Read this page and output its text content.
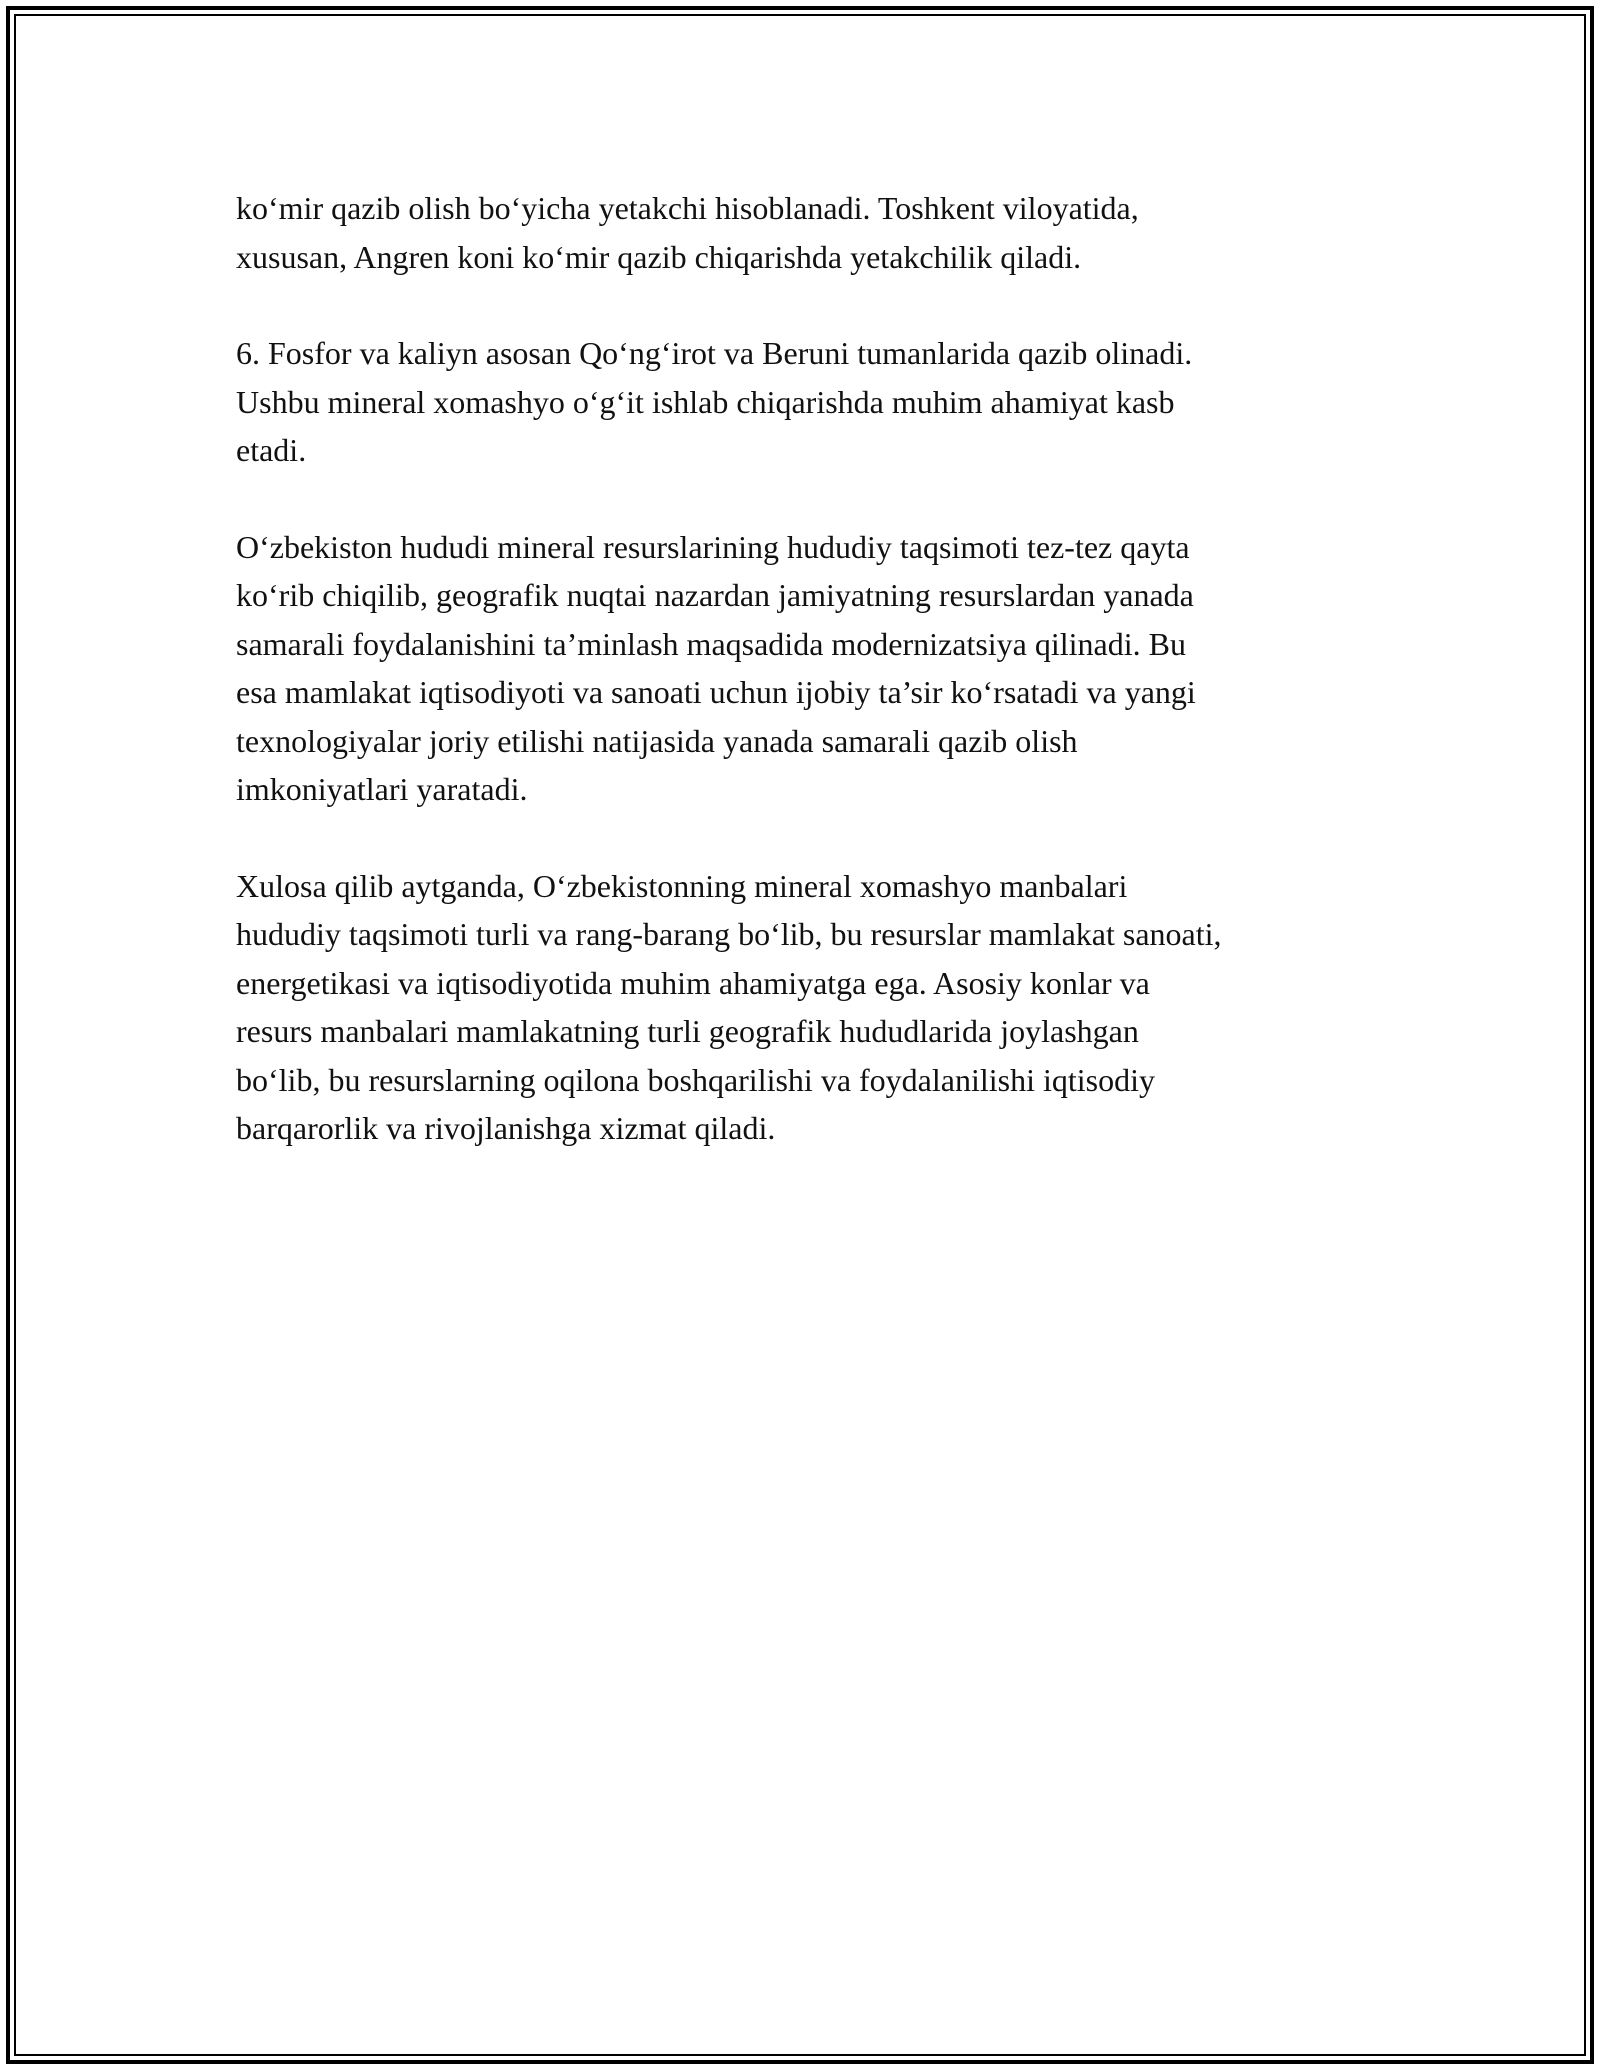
ko‘mir qazib olish bo‘yicha yetakchi hisoblanadi. Toshkent viloyatida,
xususan, Angren koni ko‘mir qazib chiqarishda yetakchilik qiladi.

6. Fosfor va kaliyn asosan Qo‘ng‘irot va Beruni tumanlarida qazib olinadi.
Ushbu mineral xomashyo o‘g‘it ishlab chiqarishda muhim ahamiyat kasb
etadi.

O‘zbekiston hududi mineral resurslarining hududiy taqsimoti tez-tez qayta
ko‘rib chiqilib, geografik nuqtai nazardan jamiyatning resurslardan yanada
samarali foydalanishini ta’minlash maqsadida modernizatsiya qilinadi. Bu
esa mamlakat iqtisodiyoti va sanoati uchun ijobiy ta’sir ko‘rsatadi va yangi
texnologiyalar joriy etilishi natijasida yanada samarali qazib olish
imkoniyatlari yaratadi.

Xulosa qilib aytganda, O‘zbekistonning mineral xomashyo manbalari
hududiy taqsimoti turli va rang-barang bo‘lib, bu resurslar mamlakat sanoati,
energetikasi va iqtisodiyotida muhim ahamiyatga ega. Asosiy konlar va
resurs manbalari mamlakatning turli geografik hududlarida joylashgan
bo‘lib, bu resurslarning oqilona boshqarilishi va foydalanilishi iqtisodiy
barqarorlik va rivojlanishga xizmat qiladi.
